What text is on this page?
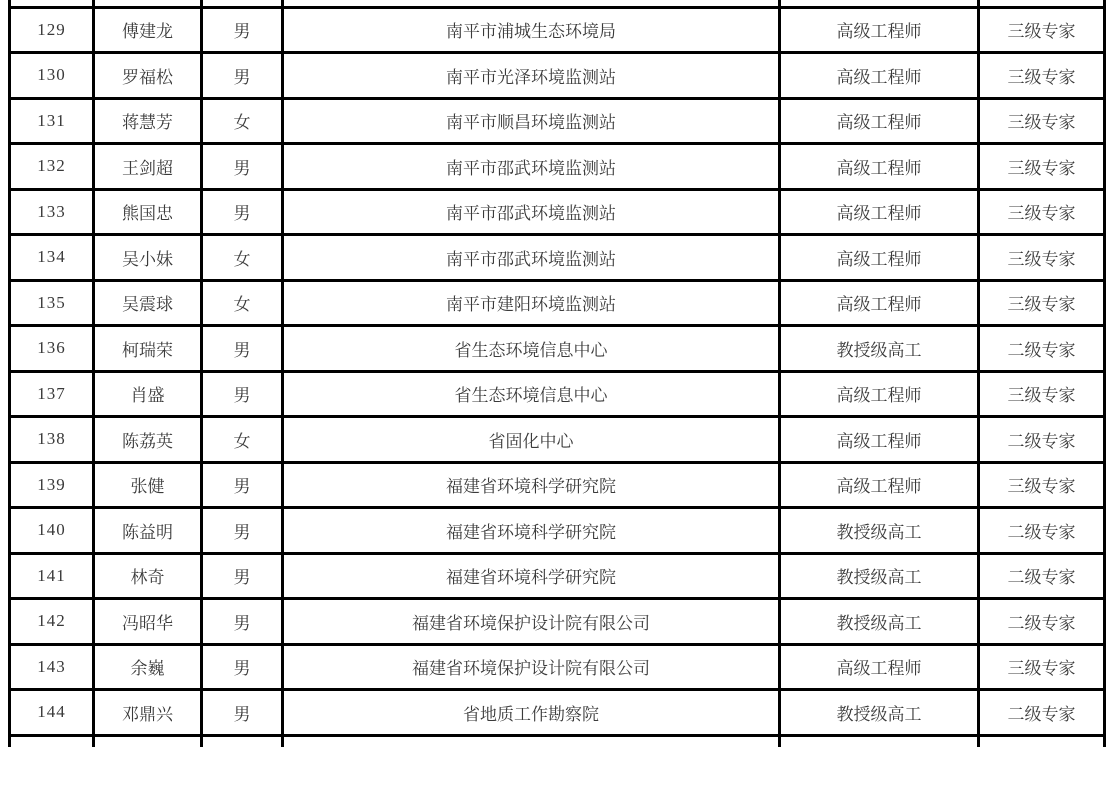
129	傅建龙	男	南平市浦城生态环境局	高级工程师	三级专家
130	罗福松	男	南平市光泽环境监测站	高级工程师	三级专家
131	蒋慧芳	女	南平市顺昌环境监测站	高级工程师	三级专家
132	王剑超	男	南平市邵武环境监测站	高级工程师	三级专家
133	熊国忠	男	南平市邵武环境监测站	高级工程师	三级专家
134	吴小妹	女	南平市邵武环境监测站	高级工程师	三级专家
135	吴震球	女	南平市建阳环境监测站	高级工程师	三级专家
136	柯瑞荣	男	省生态环境信息中心	教授级高工	二级专家
137	肖盛	男	省生态环境信息中心	高级工程师	三级专家
138	陈荔英	女	省固化中心	高级工程师	二级专家
139	张健	男	福建省环境科学研究院	高级工程师	三级专家
140	陈益明	男	福建省环境科学研究院	教授级高工	二级专家
141	林奇	男	福建省环境科学研究院	教授级高工	二级专家
142	冯昭华	男	福建省环境保护设计院有限公司	教授级高工	二级专家
143	余巍	男	福建省环境保护设计院有限公司	高级工程师	三级专家
144	邓鼎兴	男	省地质工作勘察院	教授级高工	二级专家
